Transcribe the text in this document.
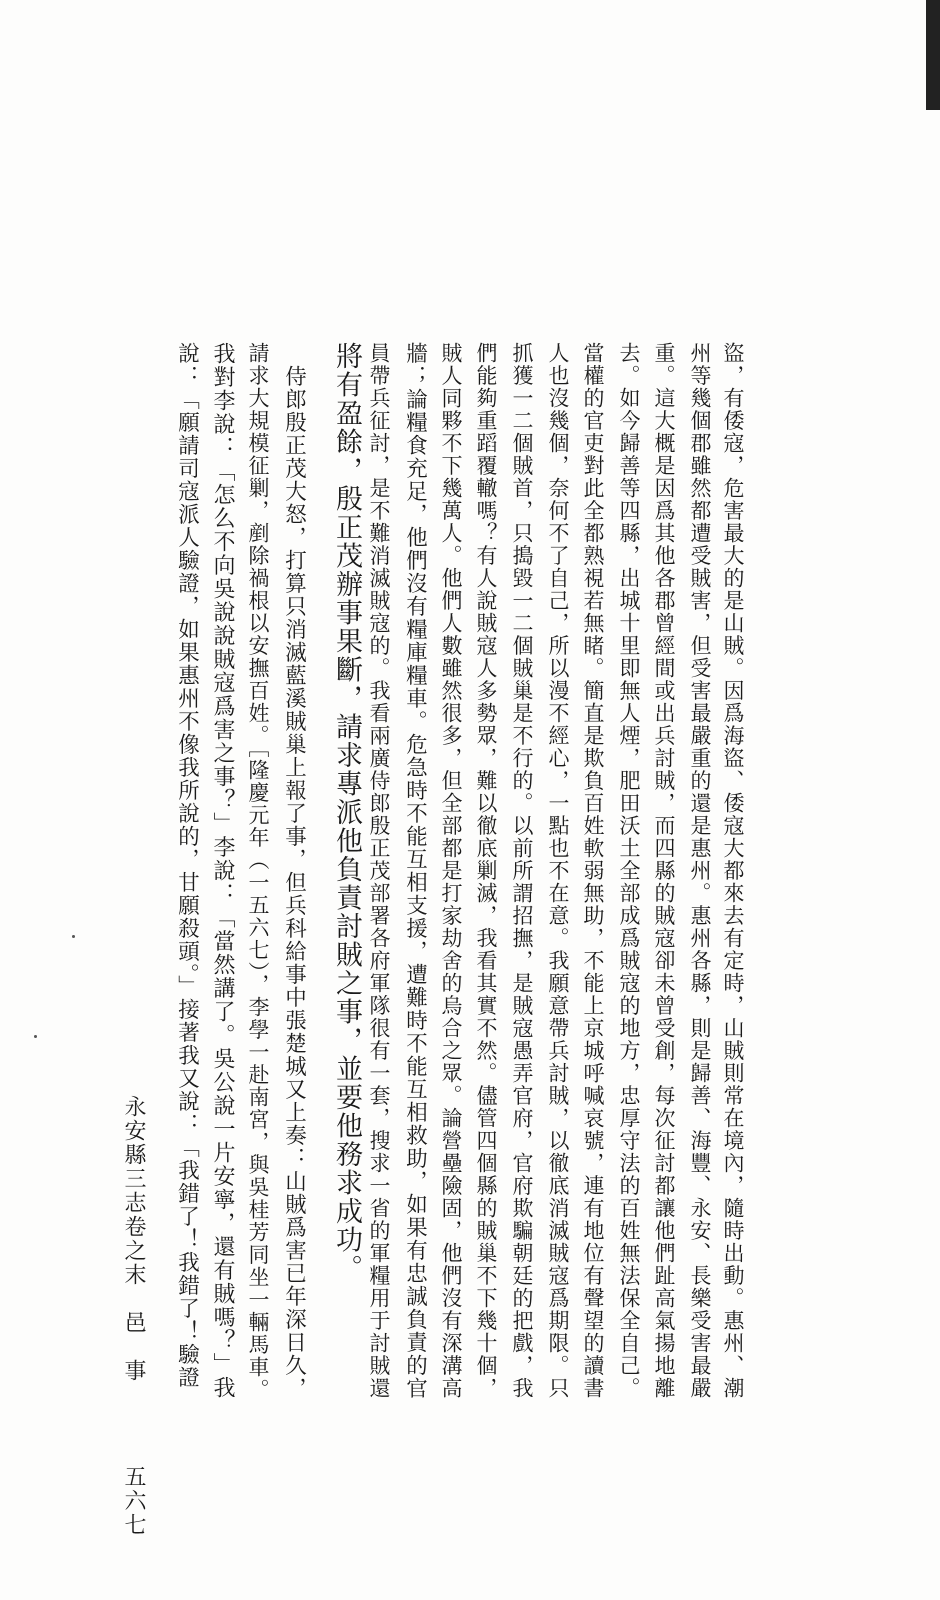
盜，有倭寇，危害最大的是山賊。因爲海盜、倭寇大都來去有定時，山賊則常在境內，隨時出動。惠州、潮
州等幾個郡雖然都遭受賊害，但受害最嚴重的還是惠州。惠州各縣，則是歸善、海豐、永安、長樂受害最嚴
重。這大概是因爲其他各郡曾經間或出兵討賊，而四縣的賊寇卻未曾受創，每次征討都讓他們趾高氣揚地離
去。如今歸善等四縣，出城十里即無人煙，肥田沃土全部成爲賊寇的地方，忠厚守法的百姓無法保全自己。
當權的官吏對此全都熟視若無睹。簡直是欺負百姓軟弱無助，不能上京城呼喊哀號，連有地位有聲望的讀書
人也沒幾個，奈何不了自己，所以漫不經心，一點也不在意。我願意帶兵討賊，以徹底消滅賊寇爲期限。只
抓獲一二個賊首，只搗毀一二個賊巢是不行的。以前所謂招撫，是賊寇愚弄官府，官府欺騙朝廷的把戲，我
們能夠重蹈覆轍嗎？有人說賊寇人多勢眾，難以徹底剿滅，我看其實不然。儘管四個縣的賊巢不下幾十個，
賊人同夥不下幾萬人。他們人數雖然很多，但全部都是打家劫舍的烏合之眾。論營壘險固，他們沒有深溝高
牆；論糧食充足，他們沒有糧庫糧車。危急時不能互相支援，遭難時不能互相救助，如果有忠誠負責的官
員帶兵征討，是不難消滅賊寇的。我看兩廣侍郎殷正茂部署各府軍隊很有一套，搜求一省的軍糧用于討賊還
將有盈餘，殷正茂辦事果斷，請求專派他負責討賊之事，並要他務求成功。
　侍郎殷正茂大怒，打算只消滅藍溪賊巢上報了事，但兵科給事中張楚城又上奏：山賊爲害已年深日久，
請求大規模征剿，剷除禍根以安撫百姓。［隆慶元年（一五六七），李學一赴南宮，與吳桂芳同坐一輛馬車。
我對李說：「怎么不向吳說說賊寇爲害之事？」李說：「當然講了。吳公說一片安寧，還有賊嗎？」我
說：「願請司寇派人驗證，如果惠州不像我所說的，甘願殺頭。」接著我又說：「我錯了！我錯了！驗證
永安縣三志卷之末　邑　事
五六七
